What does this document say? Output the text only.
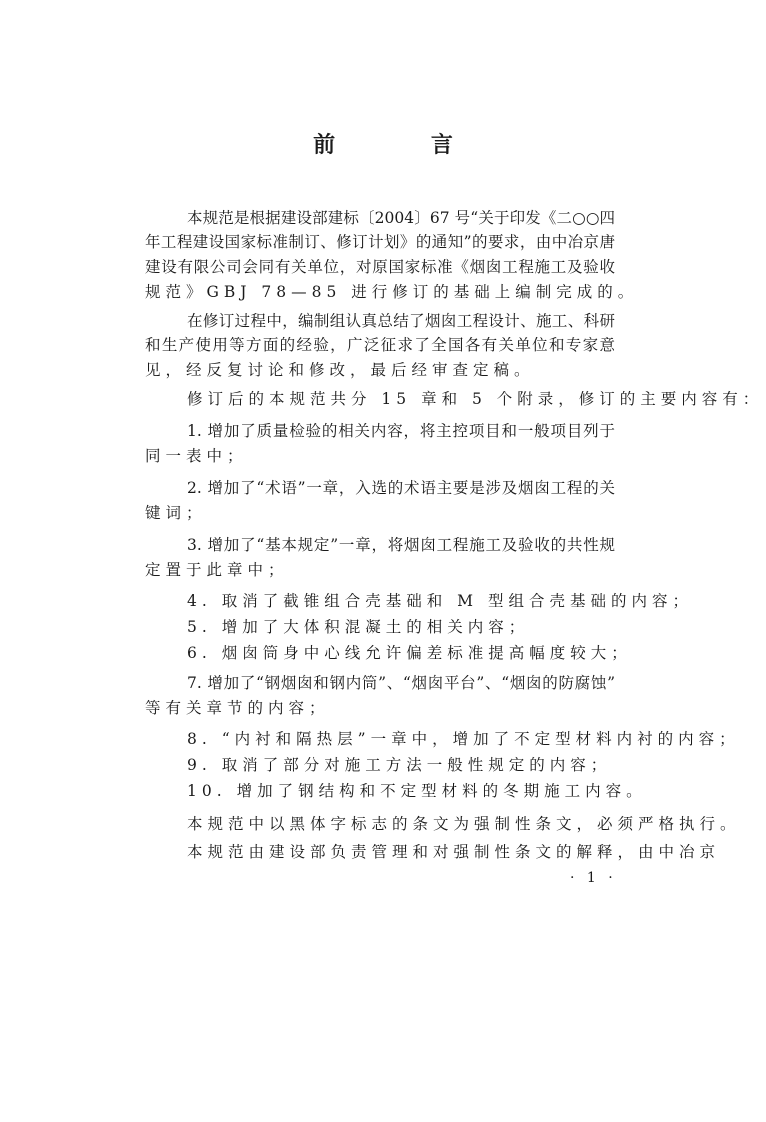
前 言
本规范是根据建设部建标〔2004〕67 号“关于印发《二○○四
年工程建设国家标准制订、修订计划》的通知”的要求，由中冶京唐
建设有限公司会同有关单位，对原国家标准《烟囱工程施工及验收
规范》GBJ 78—85 进行修订的基础上编制完成的。
在修订过程中，编制组认真总结了烟囱工程设计、施工、科研
和生产使用等方面的经验，广泛征求了全国各有关单位和专家意
见，经反复讨论和修改，最后经审查定稿。
修订后的本规范共分 15 章和 5 个附录，修订的主要内容有：
1. 增加了质量检验的相关内容，将主控项目和一般项目列于
同一表中；
2. 增加了“术语”一章，入选的术语主要是涉及烟囱工程的关
键词；
3. 增加了“基本规定”一章，将烟囱工程施工及验收的共性规
定置于此章中；
4. 取消了截锥组合壳基础和 M 型组合壳基础的内容；
5. 增加了大体积混凝土的相关内容；
6. 烟囱筒身中心线允许偏差标准提高幅度较大；
7. 增加了“钢烟囱和钢内筒”、“烟囱平台”、“烟囱的防腐蚀”
等有关章节的内容；
8. “内衬和隔热层”一章中，增加了不定型材料内衬的内容；
9. 取消了部分对施工方法一般性规定的内容；
10. 增加了钢结构和不定型材料的冬期施工内容。
本规范中以黑体字标志的条文为强制性条文，必须严格执行。
本规范由建设部负责管理和对强制性条文的解释，由中冶京
· 1 ·
